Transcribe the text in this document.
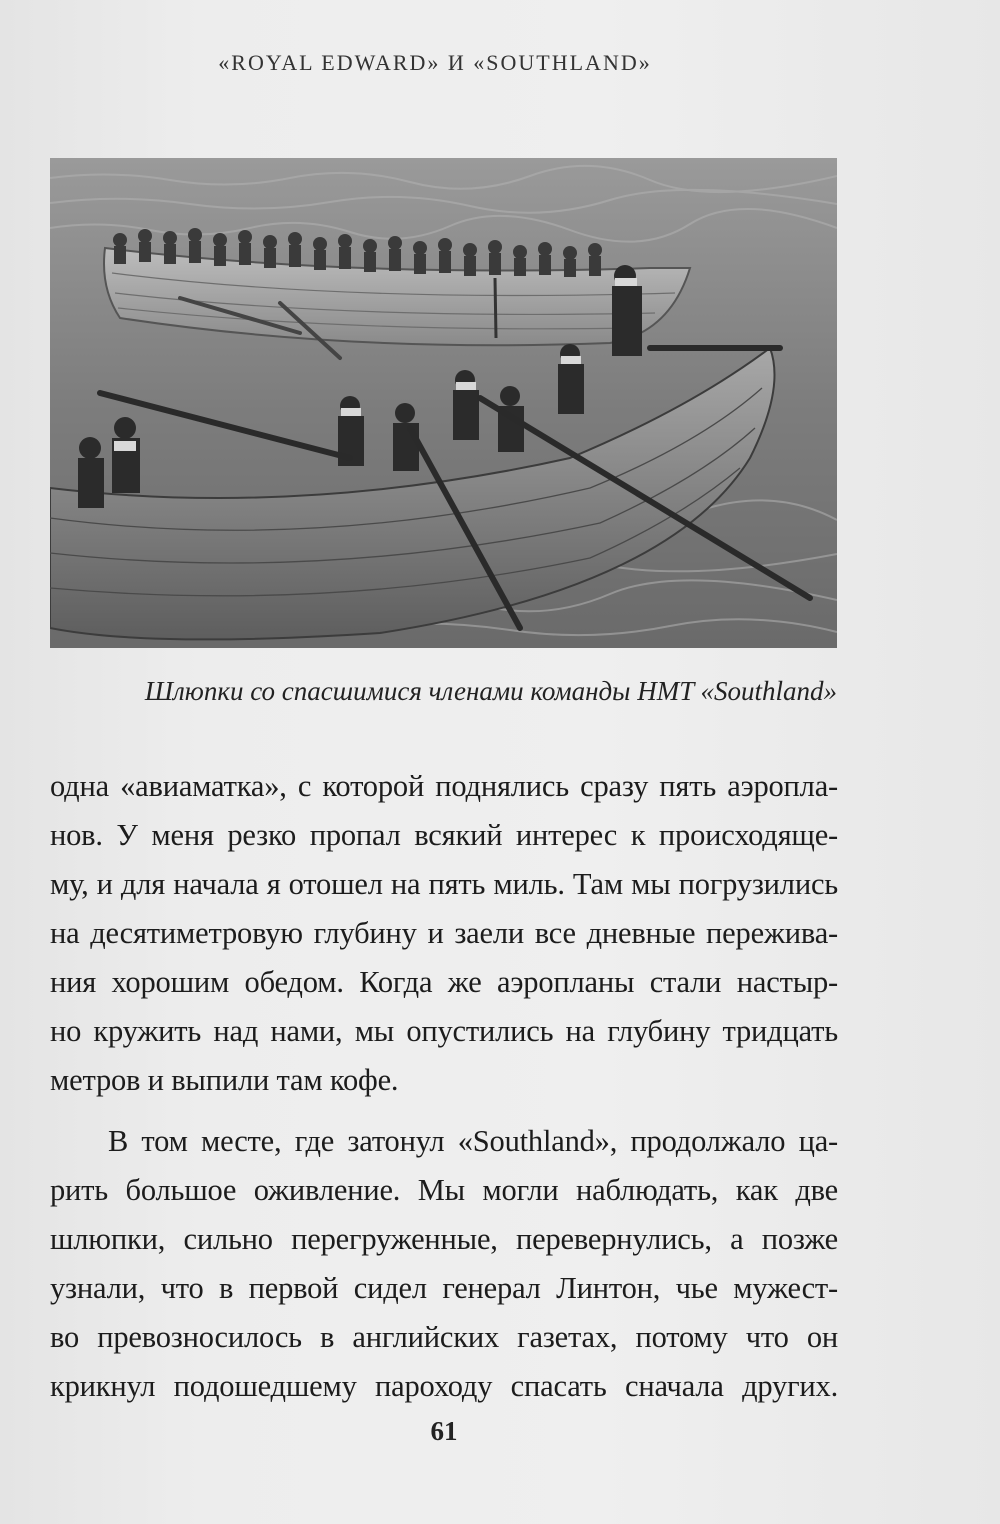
«ROYAL EDWARD» И «SOUTHLAND»
Шлюпки со спасшимися членами команды HMT «Southland»
одна «авиаматка», с которой поднялись сразу пять аэропла-
нов. У меня резко пропал всякий интерес к происходяще-
му, и для начала я отошел на пять миль. Там мы погрузились
на десятиметровую глубину и заели все дневные пережива-
ния хорошим обедом. Когда же аэропланы стали настыр-
но кружить над нами, мы опустились на глубину тридцать
метров и выпили там кофе.
В том месте, где затонул «Southland», продолжало ца-
рить большое оживление. Мы могли наблюдать, как две
шлюпки, сильно перегруженные, перевернулись, а позже
узнали, что в первой сидел генерал Линтон, чье мужест-
во превозносилось в английских газетах, потому что он
крикнул подошедшему пароходу спасать сначала других.
61
